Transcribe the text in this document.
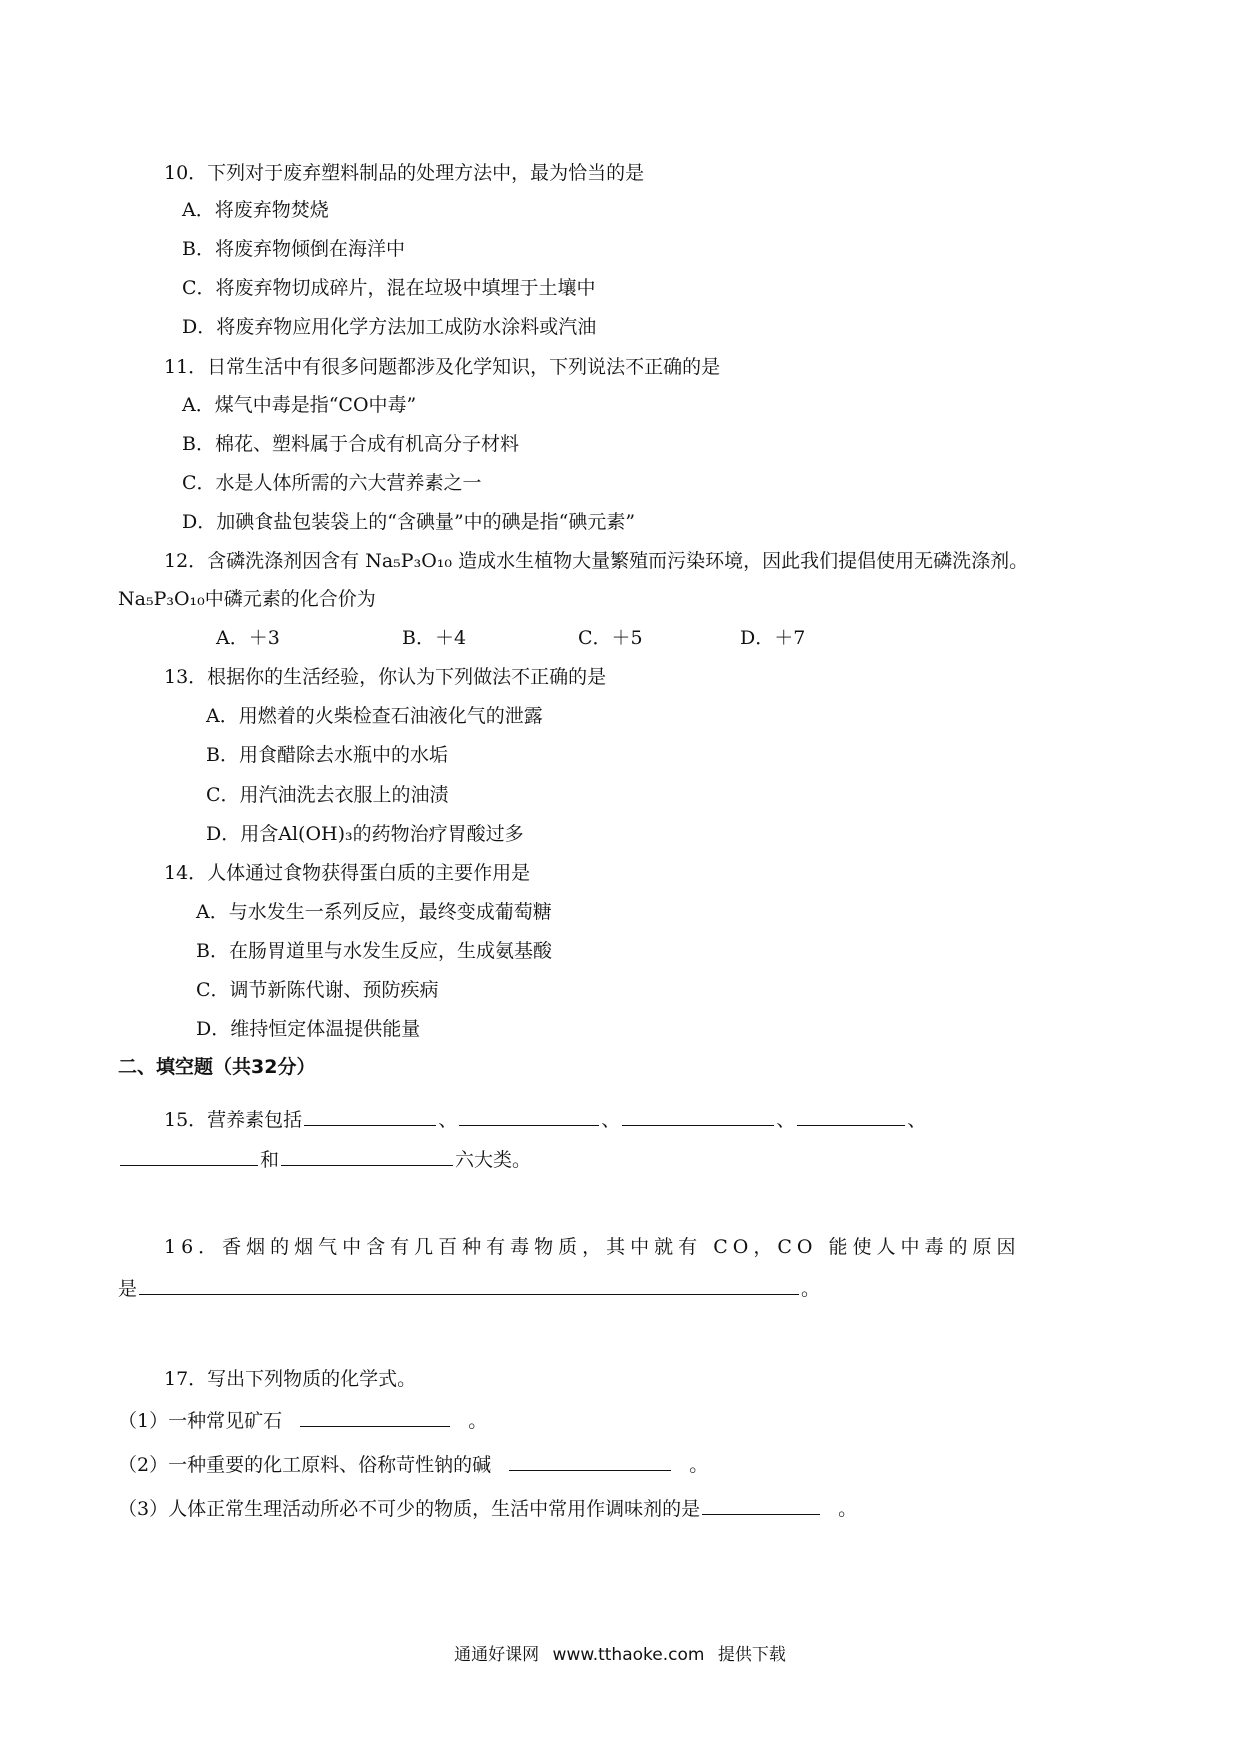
10．下列对于废弃塑料制品的处理方法中，最为恰当的是
A．将废弃物焚烧
B．将废弃物倾倒在海洋中
C．将废弃物切成碎片，混在垃圾中填埋于土壤中
D．将废弃物应用化学方法加工成防水涂料或汽油
11．日常生活中有很多问题都涉及化学知识，下列说法不正确的是
A．煤气中毒是指“CO中毒”
B．棉花、塑料属于合成有机高分子材料
C．水是人体所需的六大营养素之一
D．加碘食盐包装袋上的“含碘量”中的碘是指“碘元素”
12．含磷洗涤剂因含有 Na₅P₃O₁₀ 造成水生植物大量繁殖而污染环境，因此我们提倡使用无磷洗涤剂。
Na₅P₃O₁₀中磷元素的化合价为
A．＋3	B．＋4	C．＋5	D．＋7
13．根据你的生活经验，你认为下列做法不正确的是
A．用燃着的火柴检查石油液化气的泄露
B．用食醋除去水瓶中的水垢
C．用汽油洗去衣服上的油渍
D．用含Al(OH)₃的药物治疗胃酸过多
14．人体通过食物获得蛋白质的主要作用是
A．与水发生一系列反应，最终变成葡萄糖
B．在肠胃道里与水发生反应，生成氨基酸
C．调节新陈代谢、预防疾病
D．维持恒定体温提供能量
二、填空题（共32分）
15．营养素包括	、	、	、	、
和	六大类。
16．香烟的烟气中含有几百种有毒物质，其中就有 CO，CO 能使人中毒的原因
是	。
17．写出下列物质的化学式。
（1）一种常见矿石	。
（2）一种重要的化工原料、俗称苛性钠的碱	。
（3）人体正常生理活动所必不可少的物质，生活中常用作调味剂的是	。
通通好课网 www.tthaoke.com 提供下载
